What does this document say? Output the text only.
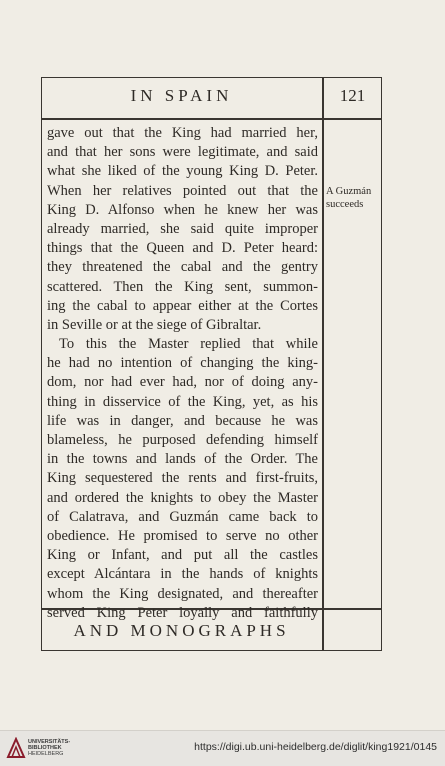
IN SPAIN	121
gave out that the King had married her,
and that her sons were legitimate, and said
what she liked of the young King D. Peter.
When her relatives pointed out that the
King D. Alfonso when he knew her was
already married, she said quite improper
things that the Queen and D. Peter heard:
they threatened the cabal and the gentry
scattered. Then the King sent, summon-
ing the cabal to appear either at the Cortes
in Seville or at the siege of Gibraltar.
To this the Master replied that while
he had no intention of changing the king-
dom, nor had ever had, nor of doing any-
thing in disservice of the King, yet, as his
life was in danger, and because he was
blameless, he purposed defending himself
in the towns and lands of the Order. The
King sequestered the rents and first-fruits,
and ordered the knights to obey the Master
of Calatrava, and Guzmán came back to
obedience. He promised to serve no other
King or Infant, and put all the castles
except Alcántara in the hands of knights
whom the King designated, and thereafter
served King Peter loyally and faithfully
A Guzmán
succeeds
AND MONOGRAPHS
UNIVERSITÄTS-
BIBLIOTHEK
HEIDELBERG
https://digi.ub.uni-heidelberg.de/diglit/king1921/0145
